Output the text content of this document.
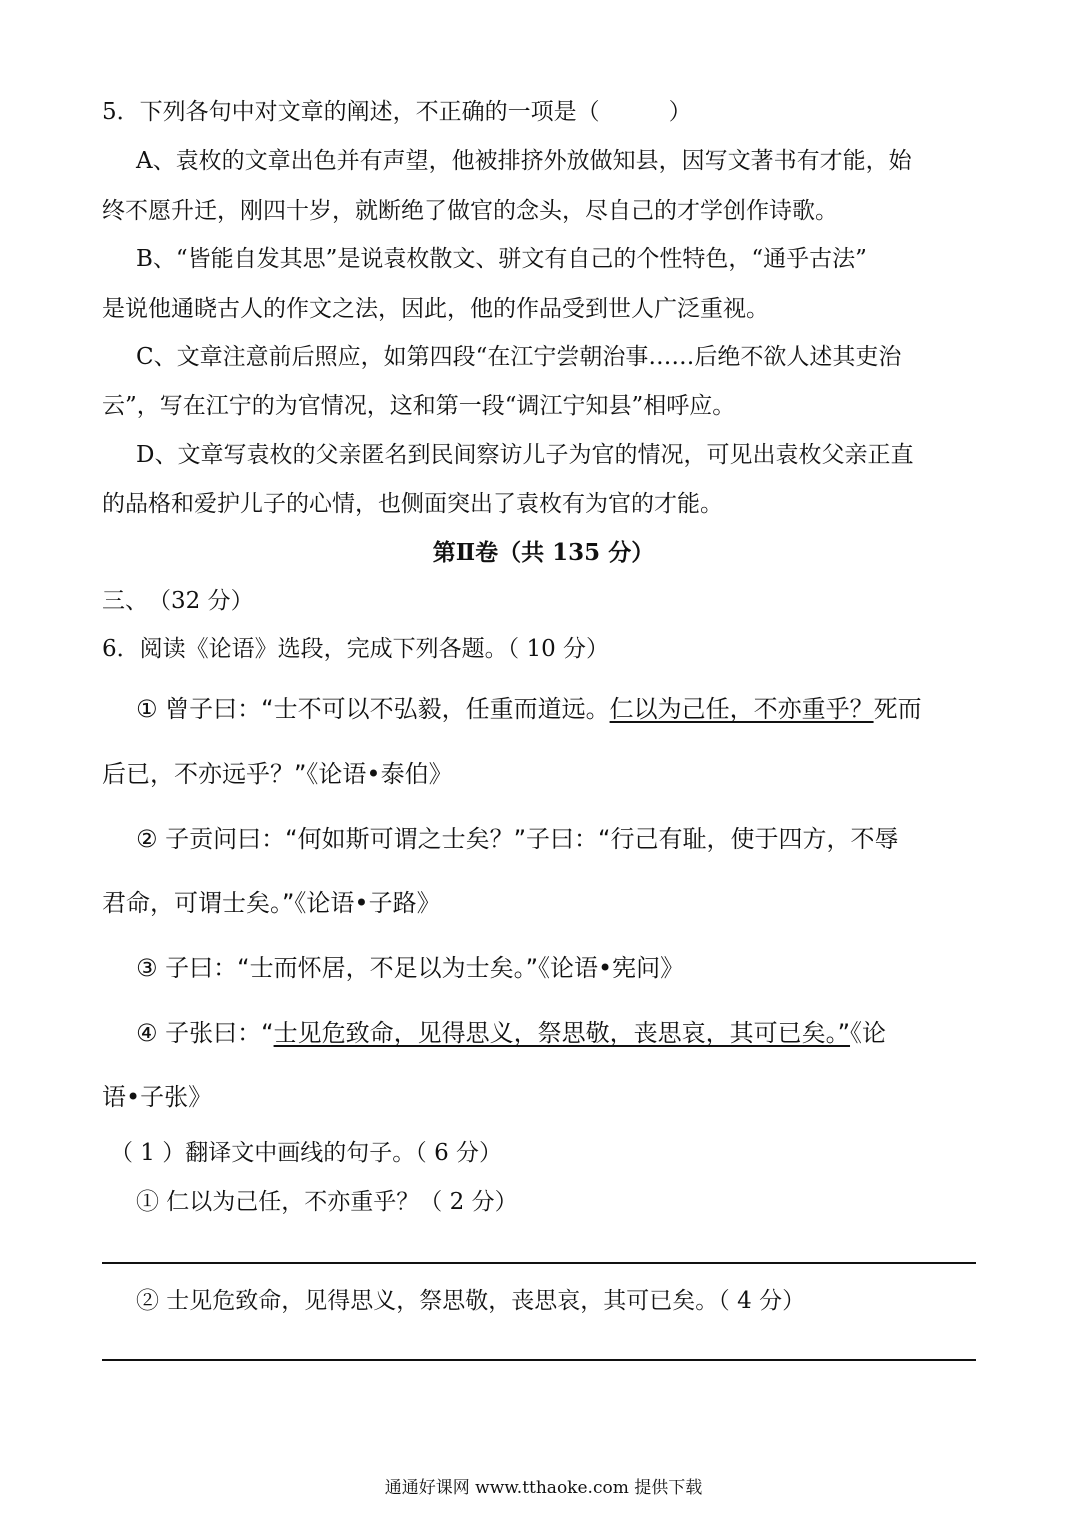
5．下列各句中对文章的阐述，不正确的一项是（　　　）
A、袁枚的文章出色并有声望，他被排挤外放做知县，因写文著书有才能，始
终不愿升迁，刚四十岁，就断绝了做官的念头，尽自己的才学创作诗歌。
B、“皆能自发其思”是说袁枚散文、骈文有自己的个性特色，“通乎古法”
是说他通晓古人的作文之法，因此，他的作品受到世人广泛重视。
C、文章注意前后照应，如第四段“在江宁尝朝治事……后绝不欲人述其吏治
云”，写在江宁的为官情况，这和第一段“调江宁知县”相呼应。
D、文章写袁枚的父亲匿名到民间察访儿子为官的情况，可见出袁枚父亲正直
的品格和爱护儿子的心情，也侧面突出了袁枚有为官的才能。
第Ⅱ卷（共 135 分）
三、　（32 分）
6．阅读《论语》选段，完成下列各题。（ 10 分）
① 曾子曰：“士不可以不弘毅，任重而道远。仁以为己任，不亦重乎？死而
后已，不亦远乎？”《论语•泰伯》
② 子贡问曰：“何如斯可谓之士矣？”子曰：“行己有耻，使于四方，不辱
君命，可谓士矣。”《论语•子路》
③ 子曰：“士而怀居，不足以为士矣。”《论语•宪问》
④ 子张曰：“士见危致命，见得思义，祭思敬，丧思哀，其可已矣。”《论
语•子张》
（ 1 ）翻译文中画线的句子。（ 6 分）
① 仁以为己任，不亦重乎？（ 2 分）
② 士见危致命，见得思义，祭思敬，丧思哀，其可已矣。（ 4 分）
通通好课网 www.tthaoke.com 提供下载
